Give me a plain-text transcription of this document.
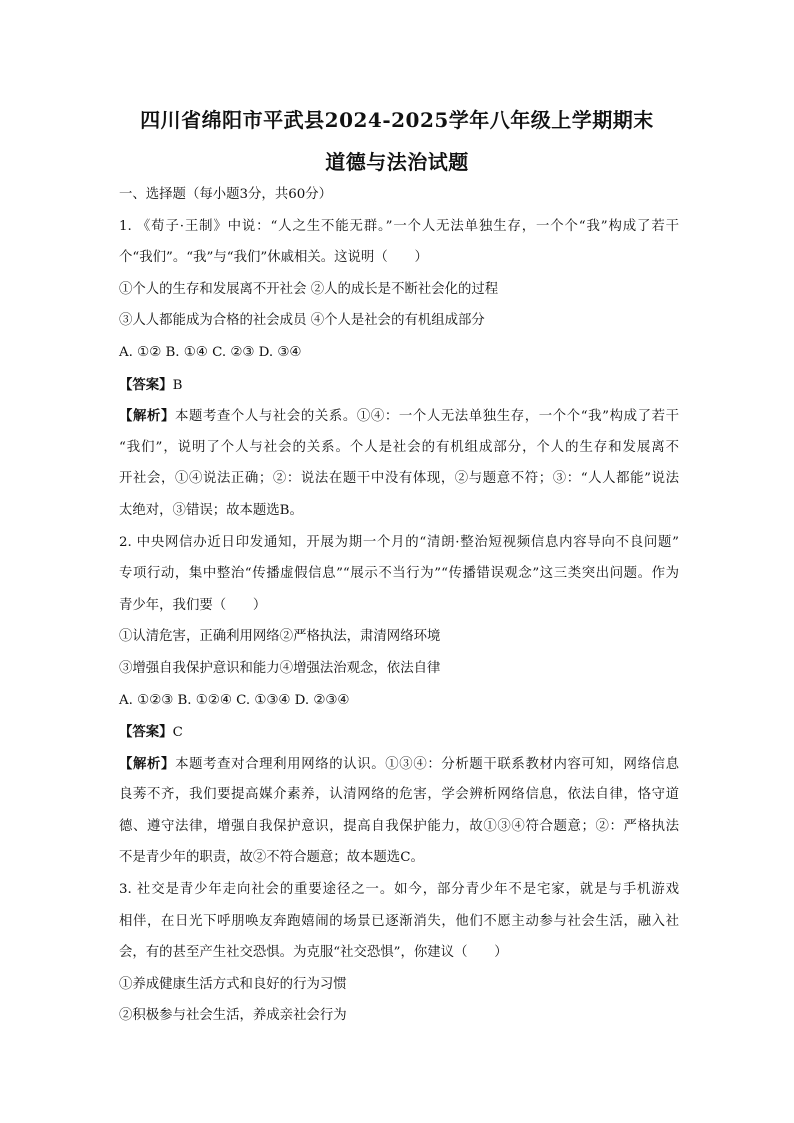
四川省绵阳市平武县2024-2025学年八年级上学期期末
道德与法治试题
一、选择题（每小题3分，共60分）
1. 《荀子·王制》中说：“人之生不能无群。”一个人无法单独生存，一个个“我”构成了若干
个“我们”。“我”与“我们”休戚相关。这说明（　　）
①个人的生存和发展离不开社会 ②人的成长是不断社会化的过程
③人人都能成为合格的社会成员 ④个人是社会的有机组成部分
A. ①② B. ①④ C. ②③ D. ③④
【答案】B
【解析】本题考查个人与社会的关系。①④：一个人无法单独生存，一个个“我”构成了若干
“我们”，说明了个人与社会的关系。个人是社会的有机组成部分，个人的生存和发展离不
开社会，①④说法正确；②：说法在题干中没有体现，②与题意不符；③：“人人都能”说法
太绝对，③错误；故本题选B。
2. 中央网信办近日印发通知，开展为期一个月的“清朗·整治短视频信息内容导向不良问题”
专项行动，集中整治“传播虚假信息”“展示不当行为”“传播错误观念”这三类突出问题。作为
青少年，我们要（　　）
①认清危害，正确利用网络②严格执法，肃清网络环境
③增强自我保护意识和能力④增强法治观念，依法自律
A. ①②③ B. ①②④ C. ①③④ D. ②③④
【答案】C
【解析】本题考查对合理利用网络的认识。①③④：分析题干联系教材内容可知，网络信息
良莠不齐，我们要提高媒介素养，认清网络的危害，学会辨析网络信息，依法自律，恪守道
德、遵守法律，增强自我保护意识，提高自我保护能力，故①③④符合题意；②：严格执法
不是青少年的职责，故②不符合题意；故本题选C。
3. 社交是青少年走向社会的重要途径之一。如今，部分青少年不是宅家，就是与手机游戏
相伴，在日光下呼朋唤友奔跑嬉闹的场景已逐渐消失，他们不愿主动参与社会生活，融入社
会，有的甚至产生社交恐惧。为克服“社交恐惧”，你建议（　　）
①养成健康生活方式和良好的行为习惯
②积极参与社会生活，养成亲社会行为
